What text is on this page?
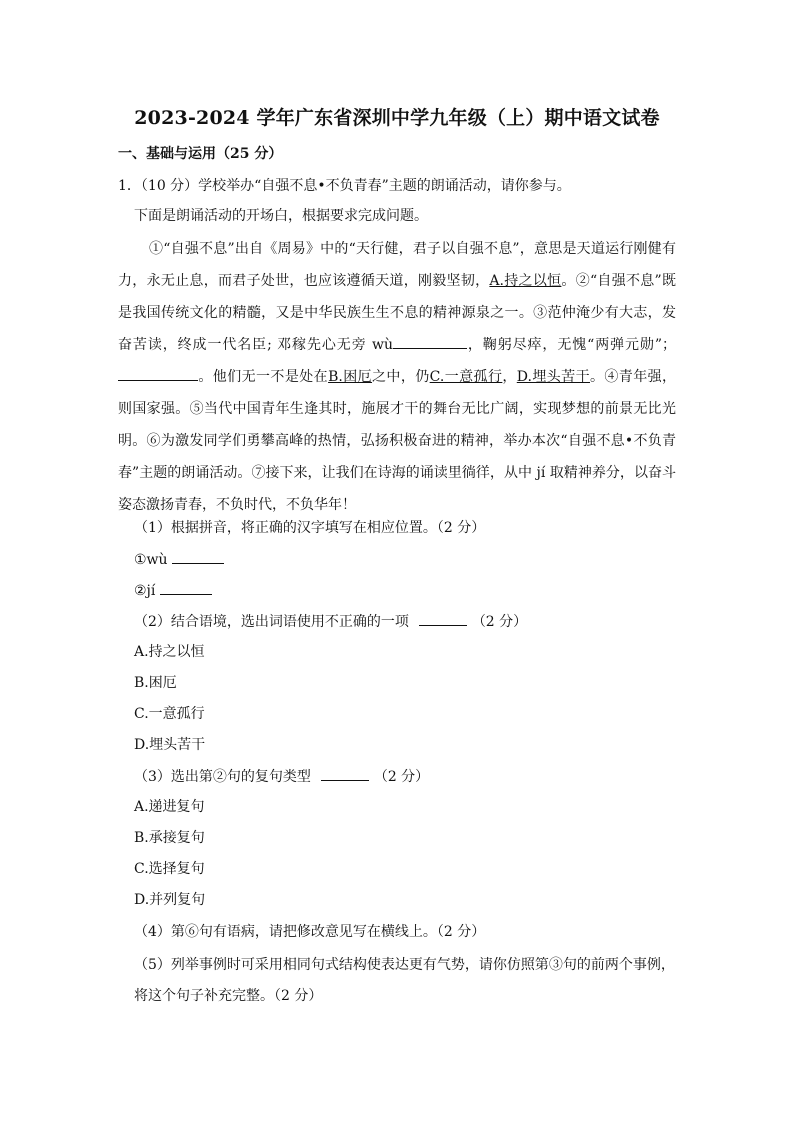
2023-2024 学年广东省深圳中学九年级（上）期中语文试卷
一、基础与运用（25 分）
1．（10 分）学校举办“自强不息•不负青春”主题的朗诵活动，请你参与。
下面是朗诵活动的开场白，根据要求完成问题。
①“自强不息”出自《周易》中的“天行健，君子以自强不息”，意思是天道运行刚健有力，永无止息，而君子处世，也应该遵循天道，刚毅坚韧，A.持之以恒。②“自强不息”既是我国传统文化的精髓，又是中华民族生生不息的精神源泉之一。③范仲淹少有大志，发奋苦读，终成一代名臣; 邓稼先心无旁 wù	，鞠躬尽瘁，无愧“两弹元勋”；。他们无一不是处在B.困厄之中，仍C.一意孤行，D.埋头苦干。④青年强，则国家强。⑤当代中国青年生逢其时，施展才干的舞台无比广阔，实现梦想的前景无比光明。⑥为激发同学们勇攀高峰的热情，弘扬积极奋进的精神，举办本次“自强不息•不负青春”主题的朗诵活动。⑦接下来，让我们在诗海的诵读里徜徉，从中 jí 取精神养分，以奋斗姿态激扬青春，不负时代，不负华年！
（1）根据拼音，将正确的汉字填写在相应位置。（2 分）
①wù
②jí
（2）结合语境，选出词语使用不正确的一项	（2 分）
A.持之以恒
B.困厄
C.一意孤行
D.埋头苦干
（3）选出第②句的复句类型	（2 分）
A.递进复句
B.承接复句
C.选择复句
D.并列复句
（4）第⑥句有语病，请把修改意见写在横线上。（2 分）
（5）列举事例时可采用相同句式结构使表达更有气势，请你仿照第③句的前两个事例，
将这个句子补充完整。（2 分）
